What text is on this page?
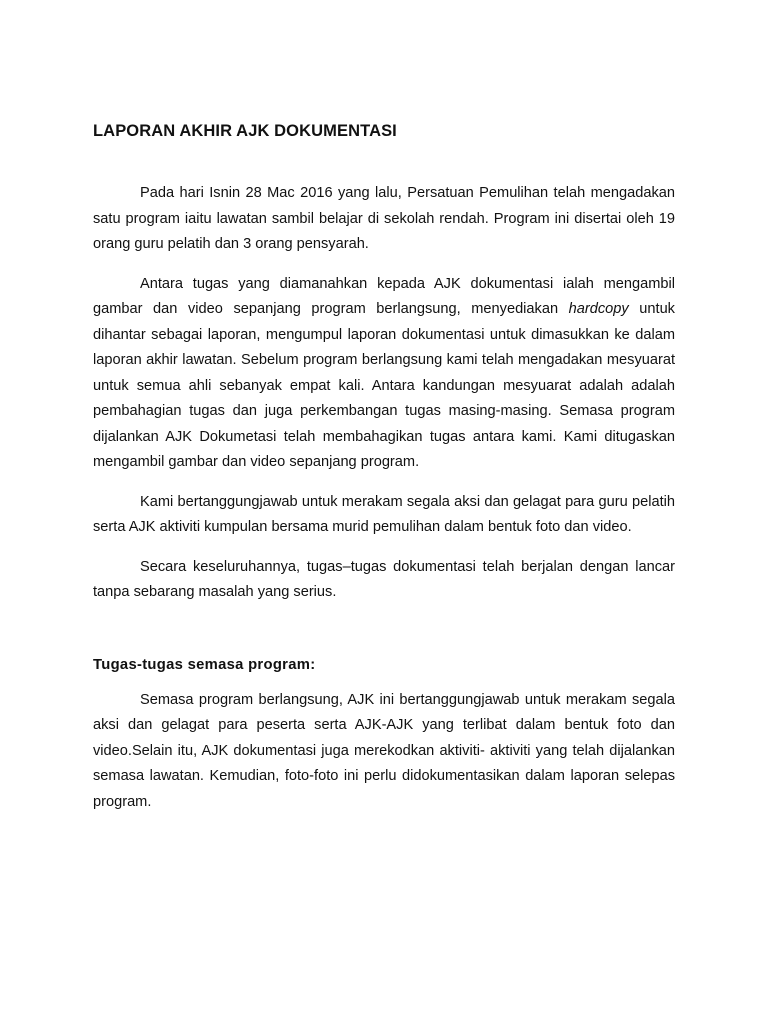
LAPORAN AKHIR AJK DOKUMENTASI

Pada hari Isnin 28 Mac 2016 yang lalu, Persatuan Pemulihan telah mengadakan satu program iaitu lawatan sambil belajar di sekolah rendah. Program ini disertai oleh 19 orang guru pelatih dan 3 orang pensyarah.

Antara tugas yang diamanahkan kepada AJK dokumentasi ialah mengambil gambar dan video sepanjang program berlangsung, menyediakan hardcopy untuk dihantar sebagai laporan, mengumpul laporan dokumentasi untuk dimasukkan ke dalam laporan akhir lawatan. Sebelum program berlangsung kami telah mengadakan mesyuarat untuk semua ahli sebanyak empat kali. Antara kandungan mesyuarat adalah adalah pembahagian tugas dan juga perkembangan tugas masing-masing. Semasa program dijalankan AJK Dokumetasi telah membahagikan tugas antara kami. Kami ditugaskan mengambil gambar dan video sepanjang program.

Kami bertanggungjawab untuk merakam segala aksi dan gelagat para guru pelatih serta AJK aktiviti kumpulan bersama murid pemulihan dalam bentuk foto dan video.

Secara keseluruhannya, tugas–tugas dokumentasi telah berjalan dengan lancar tanpa sebarang masalah yang serius.

Tugas-tugas semasa program:

Semasa program berlangsung, AJK ini bertanggungjawab untuk merakam segala aksi dan gelagat para peserta serta AJK-AJK yang terlibat dalam bentuk foto dan video.Selain itu, AJK dokumentasi juga merekodkan aktiviti- aktiviti yang telah dijalankan semasa lawatan. Kemudian, foto-foto ini perlu didokumentasikan dalam laporan selepas program.
